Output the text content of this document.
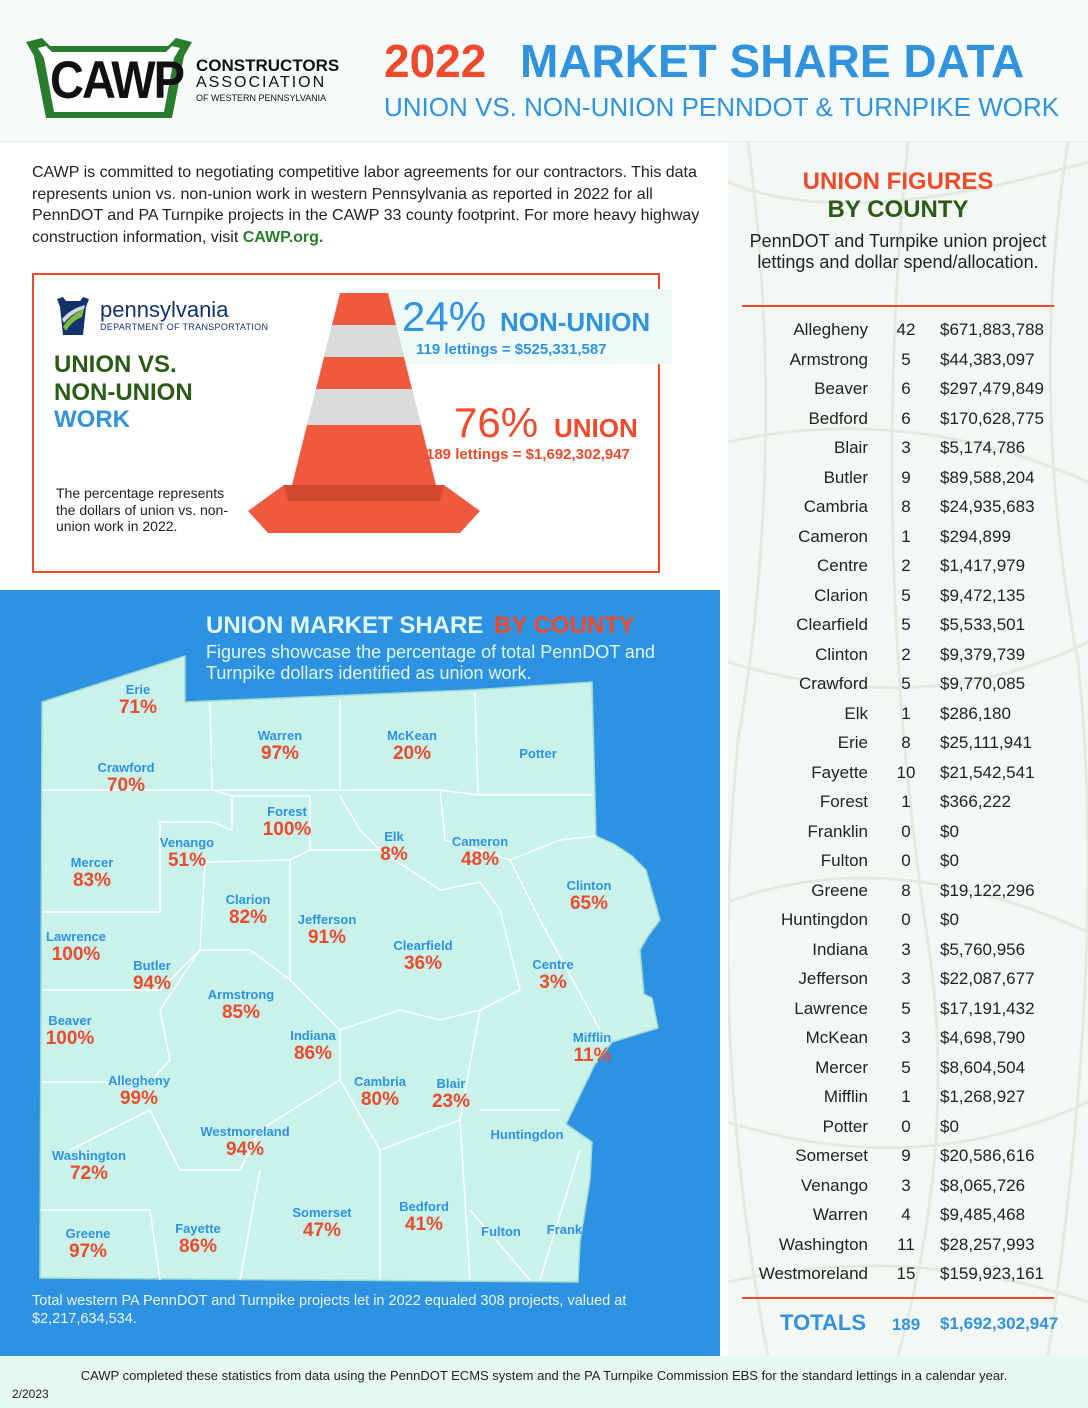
CAWP CONSTRUCTORS
ASSOCIATION
OF WESTERN PENNSYLVANIA
2022 MARKET SHARE DATA
UNION VS. NON-UNION PENNDOT & TURNPIKE WORK
CAWP is committed to negotiating competitive labor agreements for our contractors. This data represents union vs. non-union work in western Pennsylvania as reported in 2022 for all PennDOT and PA Turnpike projects in the CAWP 33 county footprint. For more heavy highway construction information, visit CAWP.org.
pennsylvania
DEPARTMENT OF TRANSPORTATION
UNION VS.
NON-UNION
WORK
The percentage represents the dollars of union vs. non-union work in 2022.
24% NON-UNION
119 lettings = $525,331,587
76% UNION
189 lettings = $1,692,302,947
UNION MARKET SHARE BY COUNTY
Figures showcase the percentage of total PennDOT and Turnpike dollars identified as union work.
Erie
71%
Warren
97%
McKean
20%	Potter
Crawford
70%
Forest
100%
Venango
51%
Elk
8%
Cameron
48%
Mercer
83%
Clarion
82% Jefferson
91%
Clinton
65%
Clearfield
36%
Lawrence
100%
Butler
94%
Centre
3%
Armstrong
85%
Beaver
100%	Indiana
86%
Mifflin
11%
Allegheny
99%
Cambria
80%
Blair
23%
Westmoreland
94%
Huntingdon
Washington
72%
Somerset
47%
Bedford
41%
Fayette
86%
Fulton Franklin
Greene
97%
Total western PA PennDOT and Turnpike projects let in 2022 equaled 308 projects, valued at $2,217,634,534.
UNION FIGURES
BY COUNTY
PennDOT and Turnpike union project lettings and dollar spend/allocation.
Allegheny	42	$671,883,788
Armstrong	5	$44,383,097
Beaver	6	$297,479,849
Bedford	6	$170,628,775
Blair	3	$5,174,786
Butler	9	$89,588,204
Cambria	8	$24,935,683
Cameron	1	$294,899
Centre	2	$1,417,979
Clarion	5	$9,472,135
Clearfield	5	$5,533,501
Clinton	2	$9,379,739
Crawford	5	$9,770,085
Elk	1	$286,180
Erie	8	$25,111,941
Fayette	10	$21,542,541
Forest	1	$366,222
Franklin	0	$0
Fulton	0	$0
Greene	8	$19,122,296
Huntingdon	0	$0
Indiana	3	$5,760,956
Jefferson	3	$22,087,677
Lawrence	5	$17,191,432
McKean	3	$4,698,790
Mercer	5	$8,604,504
Mifflin	1	$1,268,927
Potter	0	$0
Somerset	9	$20,586,616
Venango	3	$8,065,726
Warren	4	$9,485,468
Washington	11	$28,257,993
Westmoreland	15	$159,923,161
TOTALS	189	$1,692,302,947
CAWP completed these statistics from data using the PennDOT ECMS system and the PA Turnpike Commission EBS for the standard lettings in a calendar year.
2/2023
